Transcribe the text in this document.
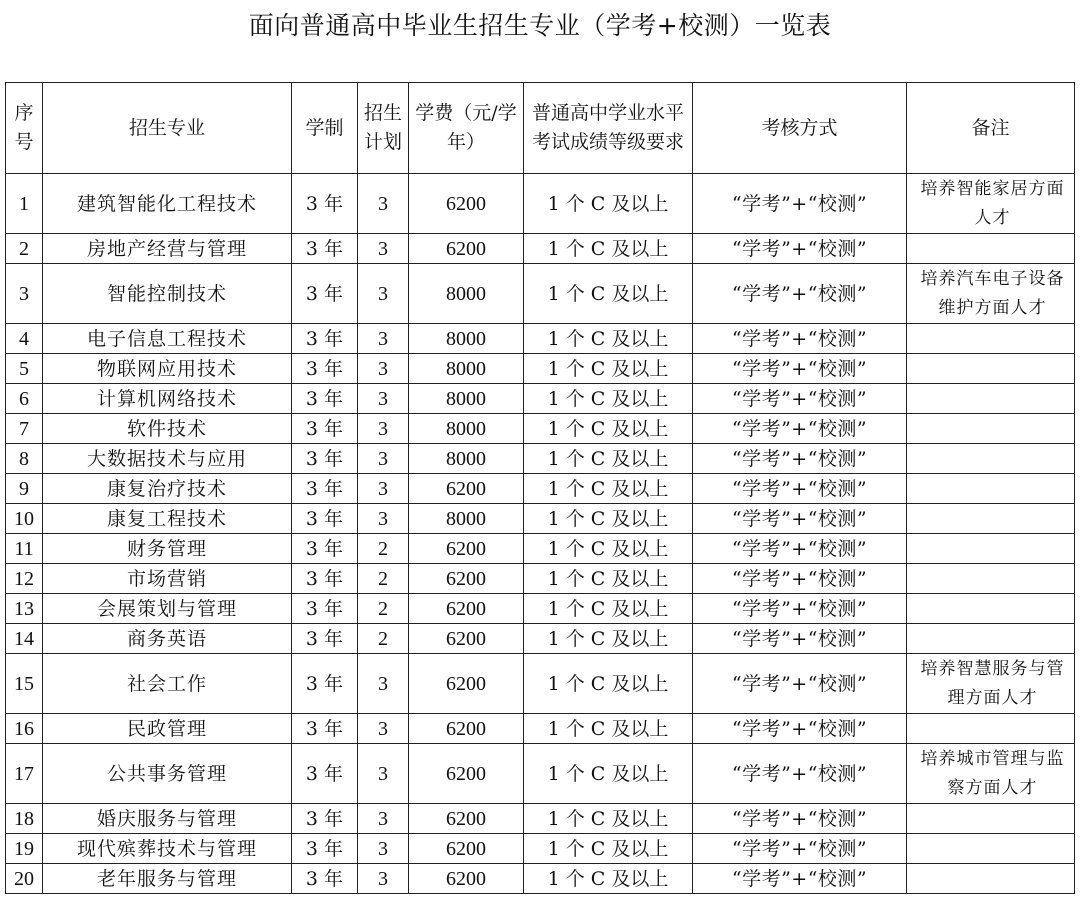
面向普通高中毕业生招生专业（学考+校测）一览表
序号	招生专业	学制	招生计划	学费（元/学年）	普通高中学业水平考试成绩等级要求	考核方式	备注
1	建筑智能化工程技术	3 年	3	6200	1 个 C 及以上	“学考”+“校测”	培养智能家居方面人才
2	房地产经营与管理	3 年	3	6200	1 个 C 及以上	“学考”+“校测”	
3	智能控制技术	3 年	3	8000	1 个 C 及以上	“学考”+“校测”	培养汽车电子设备维护方面人才
4	电子信息工程技术	3 年	3	8000	1 个 C 及以上	“学考”+“校测”	
5	物联网应用技术	3 年	3	8000	1 个 C 及以上	“学考”+“校测”	
6	计算机网络技术	3 年	3	8000	1 个 C 及以上	“学考”+“校测”	
7	软件技术	3 年	3	8000	1 个 C 及以上	“学考”+“校测”	
8	大数据技术与应用	3 年	3	8000	1 个 C 及以上	“学考”+“校测”	
9	康复治疗技术	3 年	3	6200	1 个 C 及以上	“学考”+“校测”	
10	康复工程技术	3 年	3	8000	1 个 C 及以上	“学考”+“校测”	
11	财务管理	3 年	2	6200	1 个 C 及以上	“学考”+“校测”	
12	市场营销	3 年	2	6200	1 个 C 及以上	“学考”+“校测”	
13	会展策划与管理	3 年	2	6200	1 个 C 及以上	“学考”+“校测”	
14	商务英语	3 年	2	6200	1 个 C 及以上	“学考”+“校测”	
15	社会工作	3 年	3	6200	1 个 C 及以上	“学考”+“校测”	培养智慧服务与管理方面人才
16	民政管理	3 年	3	6200	1 个 C 及以上	“学考”+“校测”	
17	公共事务管理	3 年	3	6200	1 个 C 及以上	“学考”+“校测”	培养城市管理与监察方面人才
18	婚庆服务与管理	3 年	3	6200	1 个 C 及以上	“学考”+“校测”	
19	现代殡葬技术与管理	3 年	3	6200	1 个 C 及以上	“学考”+“校测”	
20	老年服务与管理	3 年	3	6200	1 个 C 及以上	“学考”+“校测”	
